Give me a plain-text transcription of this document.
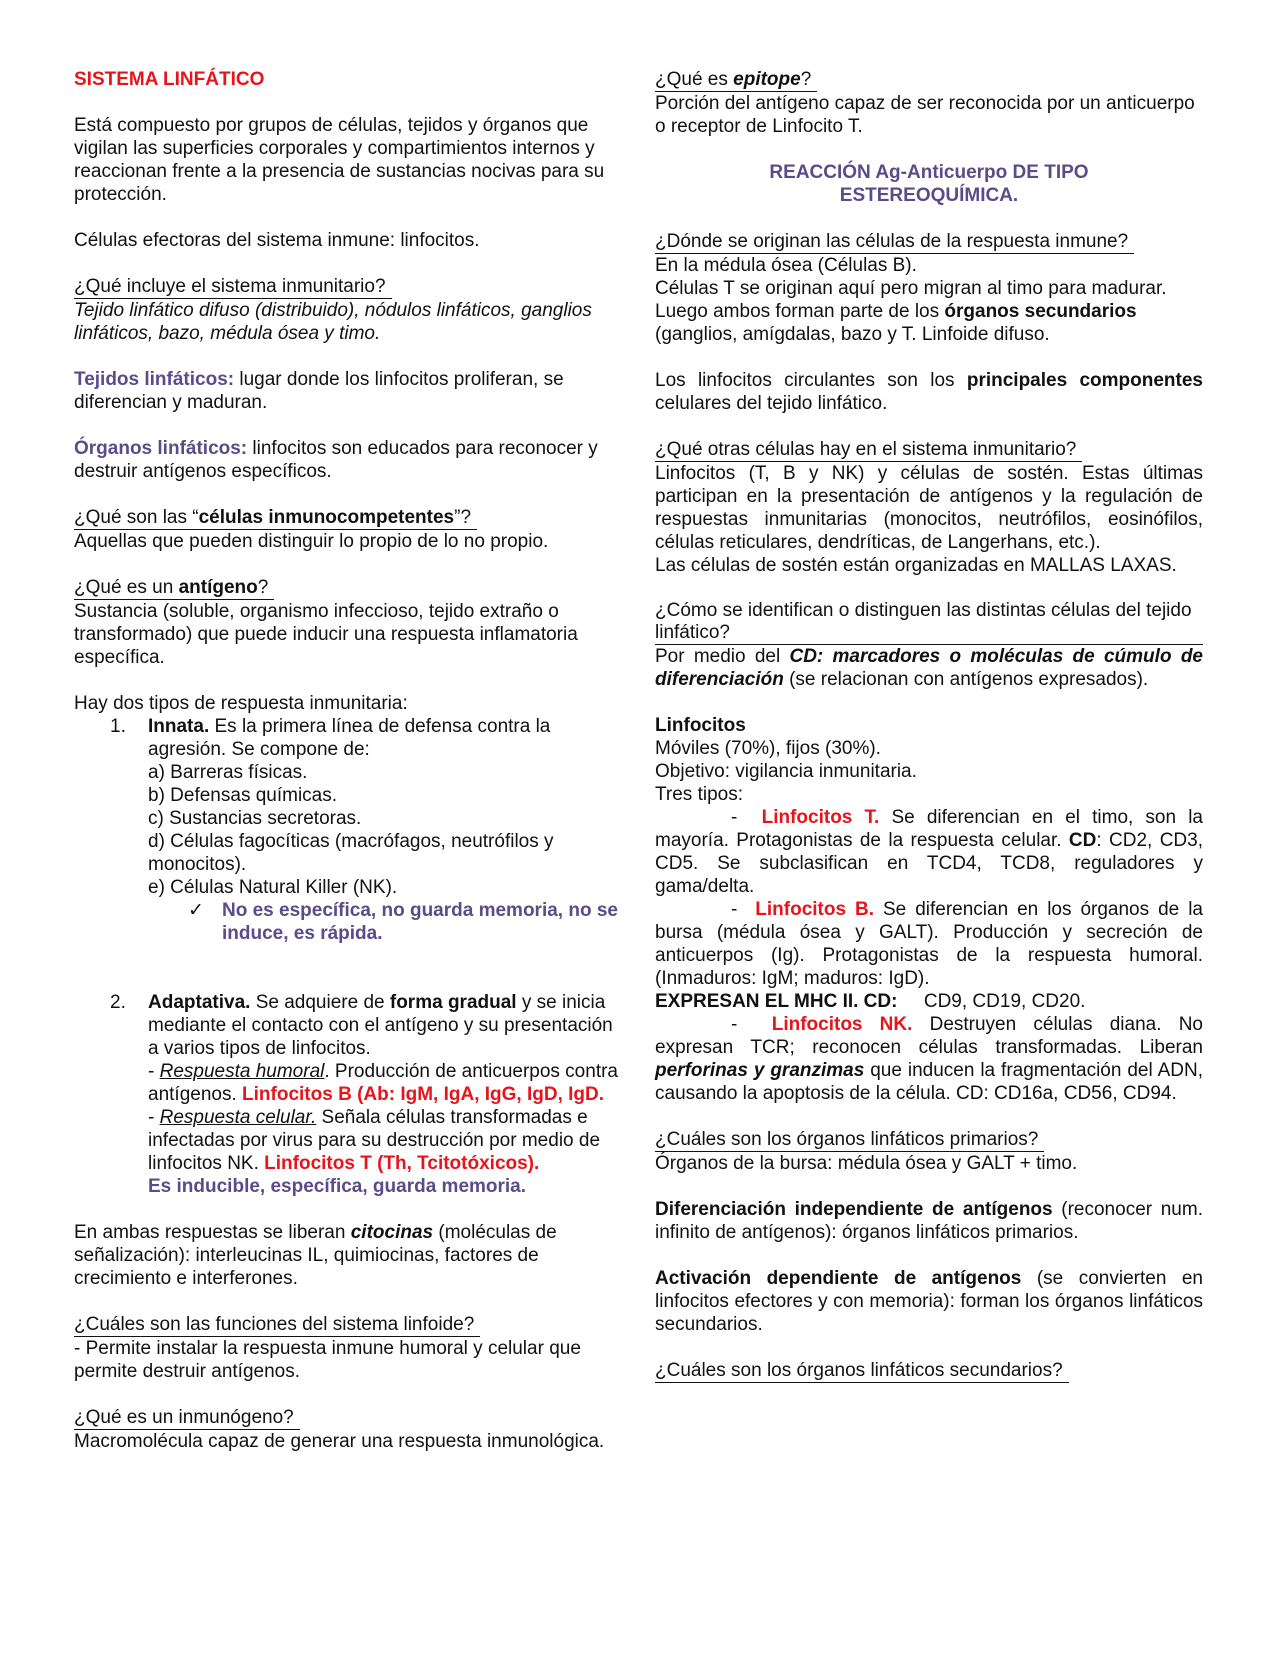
SISTEMA LINFÁTICO

Está compuesto por grupos de células, tejidos y órganos que vigilan las superficies corporales y compartimientos internos y reaccionan frente a la presencia de sustancias nocivas para su protección.

Células efectoras del sistema inmune: linfocitos.

¿Qué incluye el sistema inmunitario?

Tejido linfático difuso (distribuido), nódulos linfáticos, ganglios linfáticos, bazo, médula ósea y timo.

Tejidos linfáticos: lugar donde los linfocitos proliferan, se diferencian y maduran.

Órganos linfáticos: linfocitos son educados para reconocer y destruir antígenos específicos.

¿Qué son las “células inmunocompetentes”?

Aquellas que pueden distinguir lo propio de lo no propio.

¿Qué es un antígeno?

Sustancia (soluble, organismo infeccioso, tejido extraño o transformado) que puede inducir una respuesta inflamatoria específica.

Hay dos tipos de respuesta inmunitaria:

1.	Innata. Es la primera línea de defensa contra la agresión. Se compone de:

a) Barreras físicas.

b) Defensas químicas.

c) Sustancias secretoras.

d) Células fagocíticas (macrófagos, neutrófilos y monocitos).

e) Células Natural Killer (NK).

✓ No es específica, no guarda memoria, no se induce, es rápida.
2.	Adaptativa. Se adquiere de forma gradual y se inicia mediante el contacto con el antígeno y su presentación a varios tipos de linfocitos.

- Respuesta humoral. Producción de anticuerpos contra antígenos. Linfocitos B (Ab: IgM, IgA, IgG, IgD, IgD.

- Respuesta celular. Señala células transformadas e infectadas por virus para su destrucción por medio de linfocitos NK. Linfocitos T (Th, Tcitotóxicos).

Es inducible, específica, guarda memoria.

En ambas respuestas se liberan citocinas (moléculas de señalización): interleucinas IL, quimiocinas, factores de crecimiento e interferones.

¿Cuáles son las funciones del sistema linfoide?

- Permite instalar la respuesta inmune humoral y celular que permite destruir antígenos.

¿Qué es un inmunógeno?

Macromolécula capaz de generar una respuesta inmunológica.

¿Qué es epitope?

Porción del antígeno capaz de ser reconocida por un anticuerpo o receptor de Linfocito T.

REACCIÓN Ag-Anticuerpo DE TIPO ESTEREOQUÍMICA.

¿Dónde se originan las células de la respuesta inmune?

En la médula ósea (Células B).

Células T se originan aquí pero migran al timo para madurar.

Luego ambos forman parte de los órganos secundarios (ganglios, amígdalas, bazo y T. Linfoide difuso.

Los linfocitos circulantes son los principales componentes celulares del tejido linfático.

¿Qué otras células hay en el sistema inmunitario?

Linfocitos (T, B y NK) y células de sostén. Estas últimas participan en la presentación de antígenos y la regulación de respuestas inmunitarias (monocitos, neutrófilos, eosinófilos, células reticulares, dendríticas, de Langerhans, etc.).

Las células de sostén están organizadas en MALLAS LAXAS.

¿Cómo se identifican o distinguen las distintas células del tejido linfático?

Por medio del CD: marcadores o moléculas de cúmulo de diferenciación (se relacionan con antígenos expresados).

Linfocitos

Móviles (70%), fijos (30%).

Objetivo: vigilancia inmunitaria.

Tres tipos:

- Linfocitos T. Se diferencian en el timo, son la mayoría. Protagonistas de la respuesta celular. CD: CD2, CD3, CD5. Se subclasifican en TCD4, TCD8, reguladores y gama/delta.

- Linfocitos B. Se diferencian en los órganos de la bursa (médula ósea y GALT). Producción y secreción de anticuerpos (Ig). Protagonistas de la respuesta humoral. (Inmaduros: IgM; maduros: IgD).

EXPRESAN EL MHC II. CD:     CD9, CD19, CD20.

- Linfocitos NK. Destruyen células diana. No expresan TCR; reconocen células transformadas. Liberan perforinas y granzimas que inducen la fragmentación del ADN, causando la apoptosis de la célula. CD: CD16a, CD56, CD94.

¿Cuáles son los órganos linfáticos primarios?

Órganos de la bursa: médula ósea y GALT + timo.

Diferenciación independiente de antígenos (reconocer num. infinito de antígenos): órganos linfáticos primarios.

Activación dependiente de antígenos (se convierten en linfocitos efectores y con memoria): forman los órganos linfáticos secundarios.

¿Cuáles son los órganos linfáticos secundarios?
